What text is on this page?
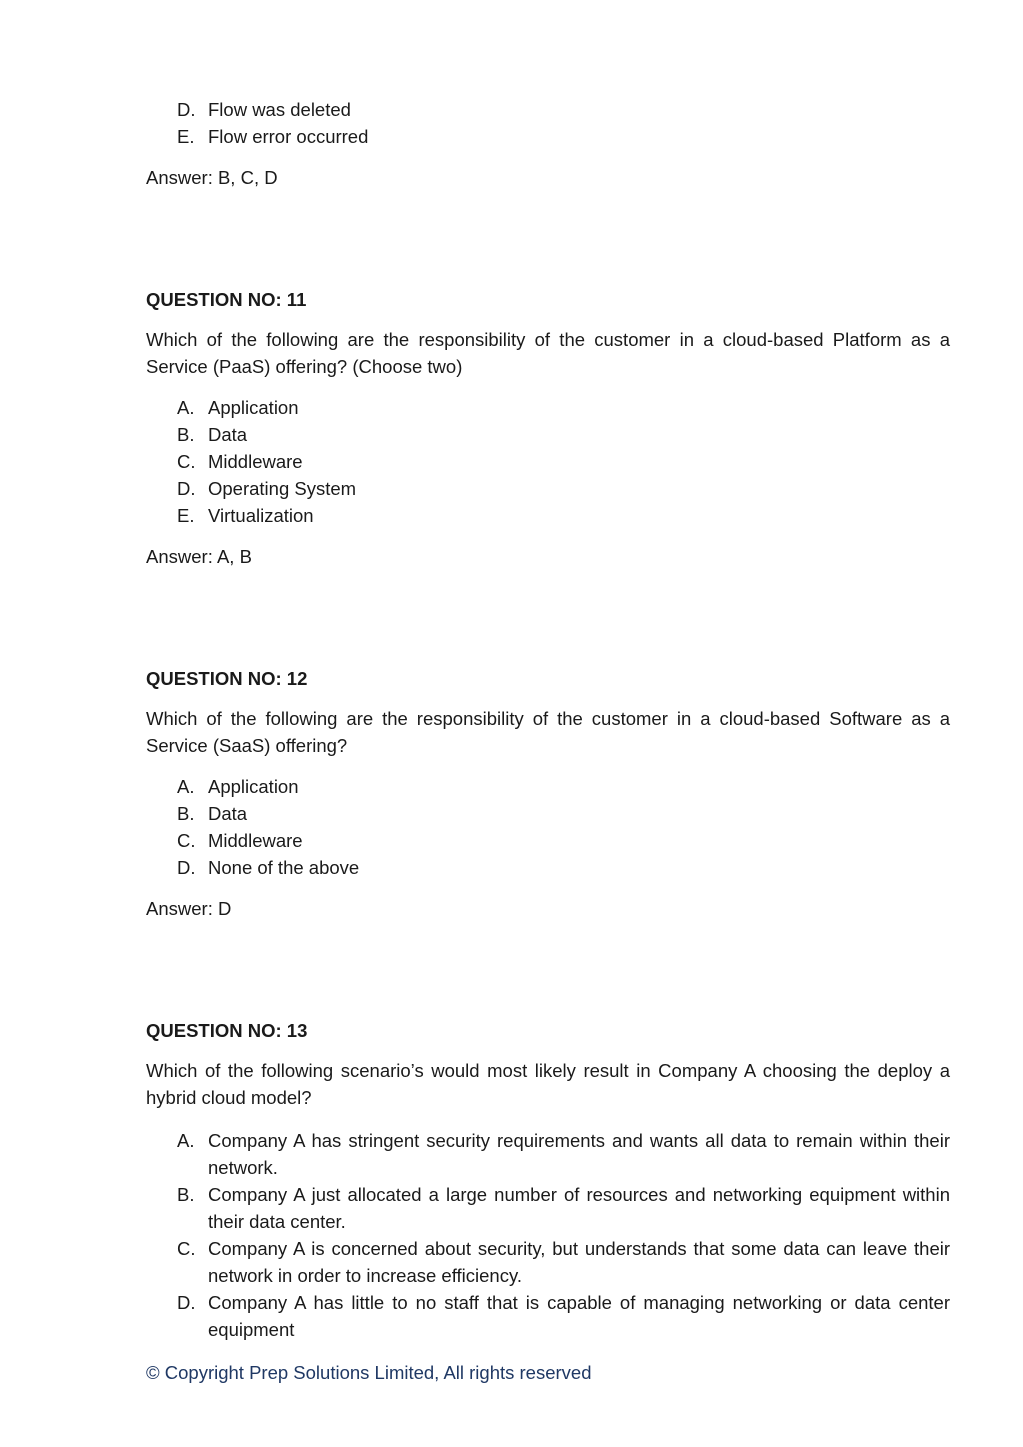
D. Flow was deleted
E. Flow error occurred
Answer: B, C, D
QUESTION NO: 11
Which of the following are the responsibility of the customer in a cloud-based Platform as a Service (PaaS) offering? (Choose two)
A. Application
B. Data
C. Middleware
D. Operating System
E. Virtualization
Answer: A, B
QUESTION NO: 12
Which of the following are the responsibility of the customer in a cloud-based Software as a Service (SaaS) offering?
A. Application
B. Data
C. Middleware
D. None of the above
Answer: D
QUESTION NO: 13
Which of the following scenario’s would most likely result in Company A choosing the deploy a hybrid cloud model?
A. Company A has stringent security requirements and wants all data to remain within their network.
B. Company A just allocated a large number of resources and networking equipment within their data center.
C. Company A is concerned about security, but understands that some data can leave their network in order to increase efficiency.
D. Company A has little to no staff that is capable of managing networking or data center equipment
© Copyright Prep Solutions Limited, All rights reserved
